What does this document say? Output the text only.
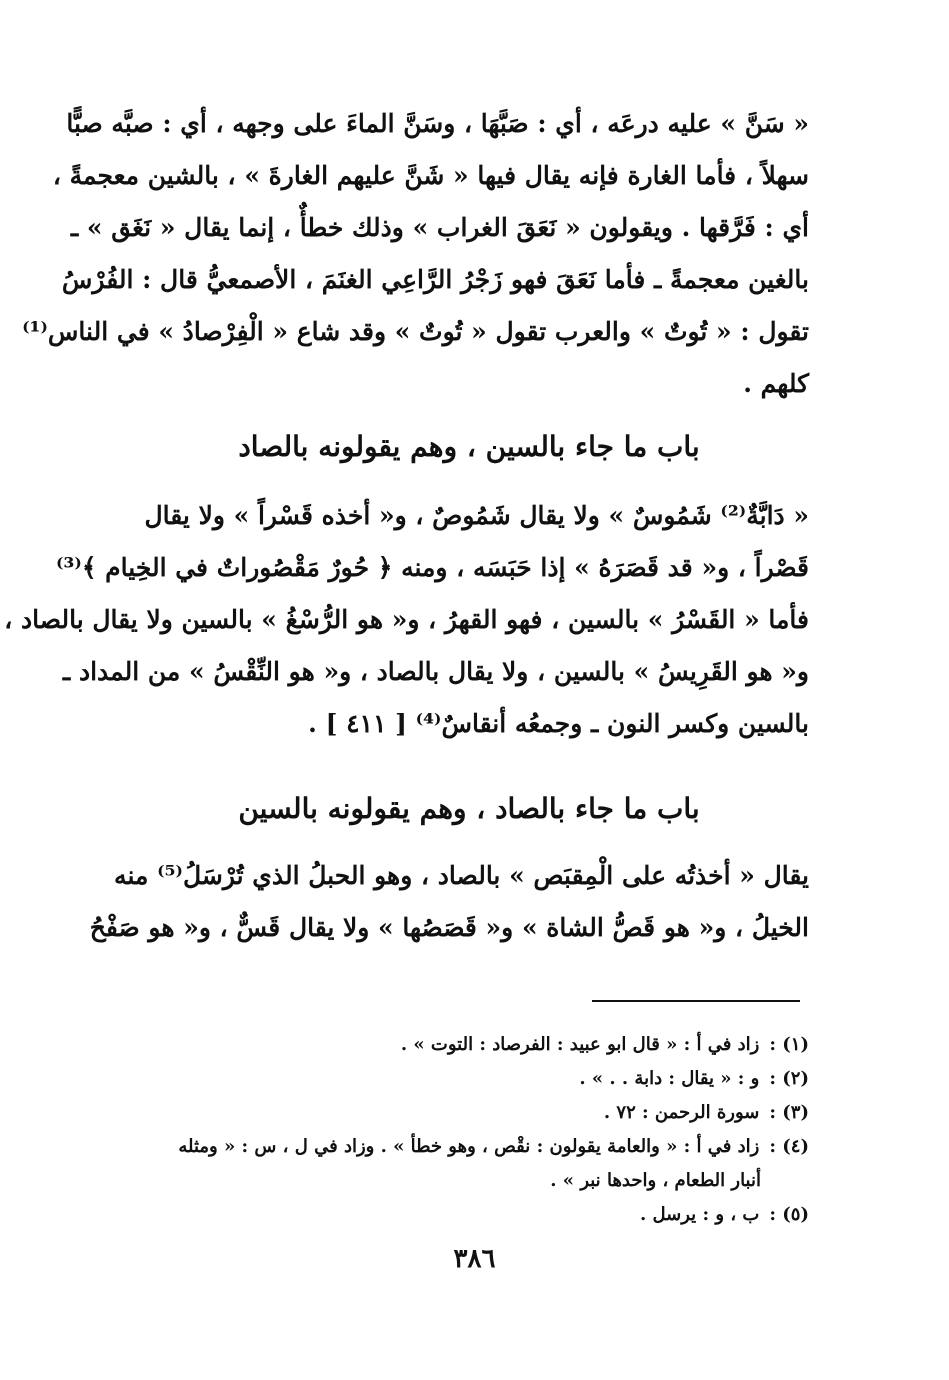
« سَنَّ » عليه درعَه ، أي : صَبَّهَا ، وسَنَّ الماءَ على وجهه ، أي : صبَّه صبًّا
سهلاً ، فأما الغارة فإنه يقال فيها « شَنَّ عليهم الغارةَ » ، بالشين معجمةً ،
أي : فَرَّقها . ويقولون « نَعَقَ الغراب » وذلك خطأٌ ، إنما يقال « نَغَق » ـ
بالغين معجمةً ـ فأما نَعَقَ فهو زَجْرُ الرَّاعِي الغنَمَ ، الأصمعيُّ قال : الفُرْسُ
تقول : « تُوتٌ » والعرب تقول « تُوتٌ » وقد شاع « الْفِرْصادُ » في الناس⁽¹⁾
كلهم .
باب ما جاء بالسين ، وهم يقولونه بالصاد
« دَابَّةٌ⁽²⁾ شَمُوسٌ » ولا يقال شَمُوصٌ ، و« أخذه قَسْراً » ولا يقال
قَصْراً ، و« قد قَصَرَهُ » إذا حَبَسَه ، ومنه ﴿ حُورٌ مَقْصُوراتٌ في الخِيام ﴾⁽³⁾
فأما « القَسْرُ » بالسين ، فهو القهرُ ، و« هو الرُّسْغُ » بالسين ولا يقال بالصاد ،
و« هو القَرِيسُ » بالسين ، ولا يقال بالصاد ، و« هو النِّقْسُ » من المداد ـ
بالسين وكسر النون ـ وجمعُه أنقاسٌ⁽⁴⁾ [ ٤١١ ] .
باب ما جاء بالصاد ، وهم يقولونه بالسين
يقال « أخذتُه على الْمِقبَص » بالصاد ، وهو الحبلُ الذي تُرْسَلُ⁽⁵⁾ منه
الخيلُ ، و« هو قَصُّ الشاة » و« قَصَصُها » ولا يقال قَسٌّ ، و« هو صَفْحُ
(١) :زاد في أ : « قال ابو عبيد : الفرصاد : التوت » .
(٢) :و : « يقال : دابة . . » .
(٣) :سورة الرحمن : ٧٢ .
(٤) :زاد في أ : « والعامة يقولون : نقْص ، وهو خطأ » . وزاد في ل ، س : « ومثله
أنبار الطعام ، واحدها نبر » .
(٥) :ب ، و : يرسل .
٣٨٦
